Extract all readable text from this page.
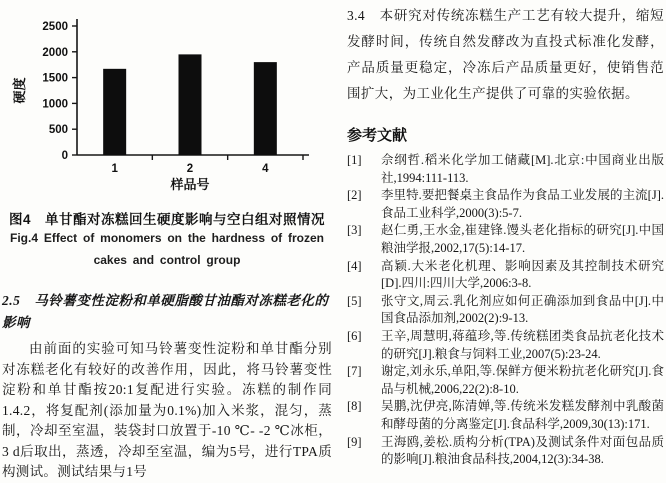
0
500
1000
1500
2000
2500
1	2	4
样品号
硬度
图4　单甘酯对冻糕回生硬度影响与空白组对照情况
Fig.4 Effect of monomers on the hardness of frozen
cakes and control group
2.5　马铃薯变性淀粉和单硬脂酸甘油酯对冻糕老化的影响

由前面的实验可知马铃薯变性淀粉和单甘酯分别对冻糕老化有较好的改善作用，因此，将马铃薯变性淀粉和单甘酯按20:1复配进行实验。冻糕的制作同1.4.2，将复配剂(添加量为0.1%)加入米浆，混匀，蒸制，冷却至室温，装袋封口放置于-10 ℃- -2 ℃冰柜，3 d后取出，蒸透，冷却至室温，编为5号，进行TPA质构测试。测试结果与1号

3.4　本研究对传统冻糕生产工艺有较大提升，缩短发酵时间，传统自然发酵改为直投式标准化发酵，产品质量更稳定，冷冻后产品质量更好，使销售范围扩大，为工业化生产提供了可靠的实验依据。

参考文献
[1]	佘纲哲.稻米化学加工储藏[M].北京:中国商业出版社,1994:111-113.
[2]	李里特.要把餐桌主食品作为食品工业发展的主流[J].食品工业科学,2000(3):5-7.
[3]	赵仁勇,王水金,崔建锋.馒头老化指标的研究[J].中国粮油学报,2002,17(5):14-17.
[4]	高颖.大米老化机理、影响因素及其控制技术研究[D].四川:四川大学,2006:3-8.
[5]	张守文,周云.乳化剂应如何正确添加到食品中[J].中国食品添加剂,2002(2):9-13.
[6]	王辛,周慧明,蒋蕴珍,等.传统糕团类食品抗老化技术的研究[J].粮食与饲料工业,2007(5):23-24.
[7]	谢定,刘永乐,单阳,等.保鲜方便米粉抗老化研究[J].食品与机械,2006,22(2):8-10.
[8]	吴鹏,沈伊亮,陈清婵,等.传统米发糕发酵剂中乳酸菌和酵母菌的分离鉴定[J].食品科学,2009,30(13):171.
[9]	王海鸥,姜松.质构分析(TPA)及测试条件对面包品质的影响[J].粮油食品科技,2004,12(3):34-38.
